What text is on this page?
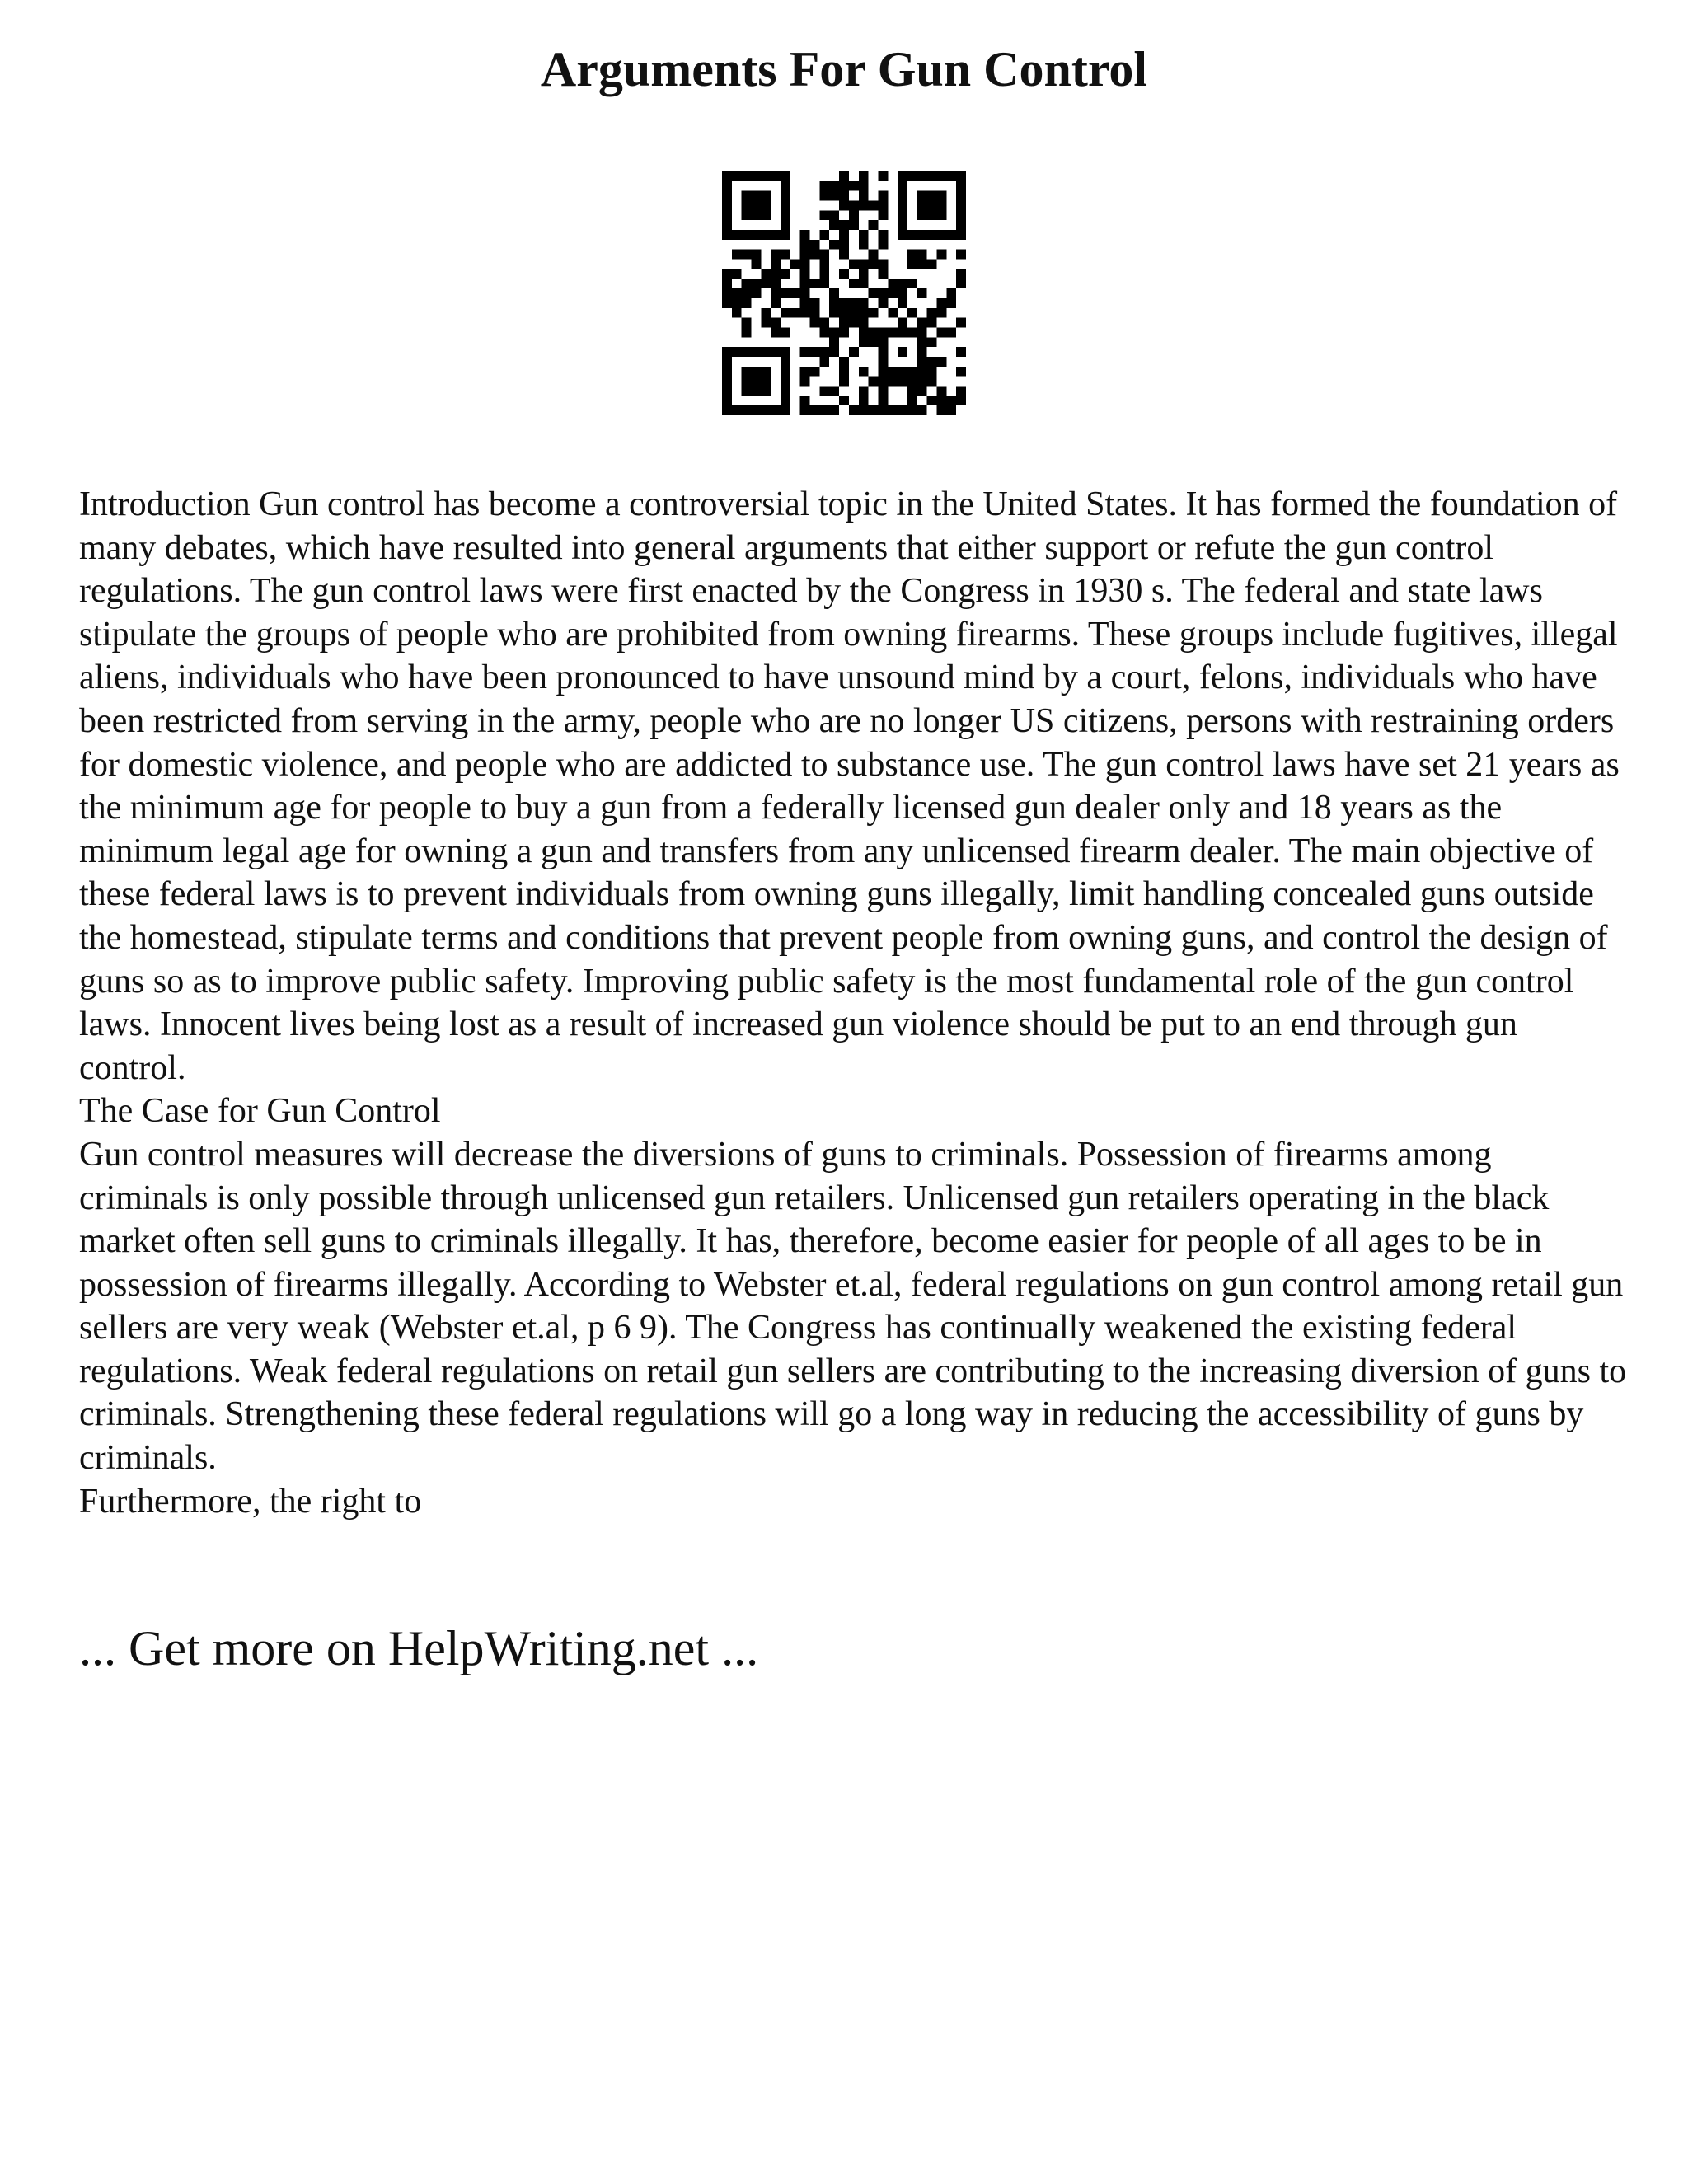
Arguments For Gun Control

Introduction Gun control has become a controversial topic in the United States. It has formed the foundation of many debates, which have resulted into general arguments that either support or refute the gun control regulations. The gun control laws were first enacted by the Congress in 1930 s. The federal and state laws stipulate the groups of people who are prohibited from owning firearms. These groups include fugitives, illegal aliens, individuals who have been pronounced to have unsound mind by a court, felons, individuals who have been restricted from serving in the army, people who are no longer US citizens, persons with restraining orders for domestic violence, and people who are addicted to substance use. The gun control laws have set 21 years as the minimum age for people to buy a gun from a federally licensed gun dealer only and 18 years as the minimum legal age for owning a gun and transfers from any unlicensed firearm dealer. The main objective of these federal laws is to prevent individuals from owning guns illegally, limit handling concealed guns outside the homestead, stipulate terms and conditions that prevent people from owning guns, and control the design of guns so as to improve public safety. Improving public safety is the most fundamental role of the gun control laws. Innocent lives being lost as a result of increased gun violence should be put to an end through gun control.

The Case for Gun Control

Gun control measures will decrease the diversions of guns to criminals. Possession of firearms among criminals is only possible through unlicensed gun retailers. Unlicensed gun retailers operating in the black market often sell guns to criminals illegally. It has, therefore, become easier for people of all ages to be in possession of firearms illegally. According to Webster et.al, federal regulations on gun control among retail gun sellers are very weak (Webster et.al, p 6 9). The Congress has continually weakened the existing federal regulations. Weak federal regulations on retail gun sellers are contributing to the increasing diversion of guns to criminals. Strengthening these federal regulations will go a long way in reducing the accessibility of guns by criminals.

Furthermore, the right to

... Get more on HelpWriting.net ...
